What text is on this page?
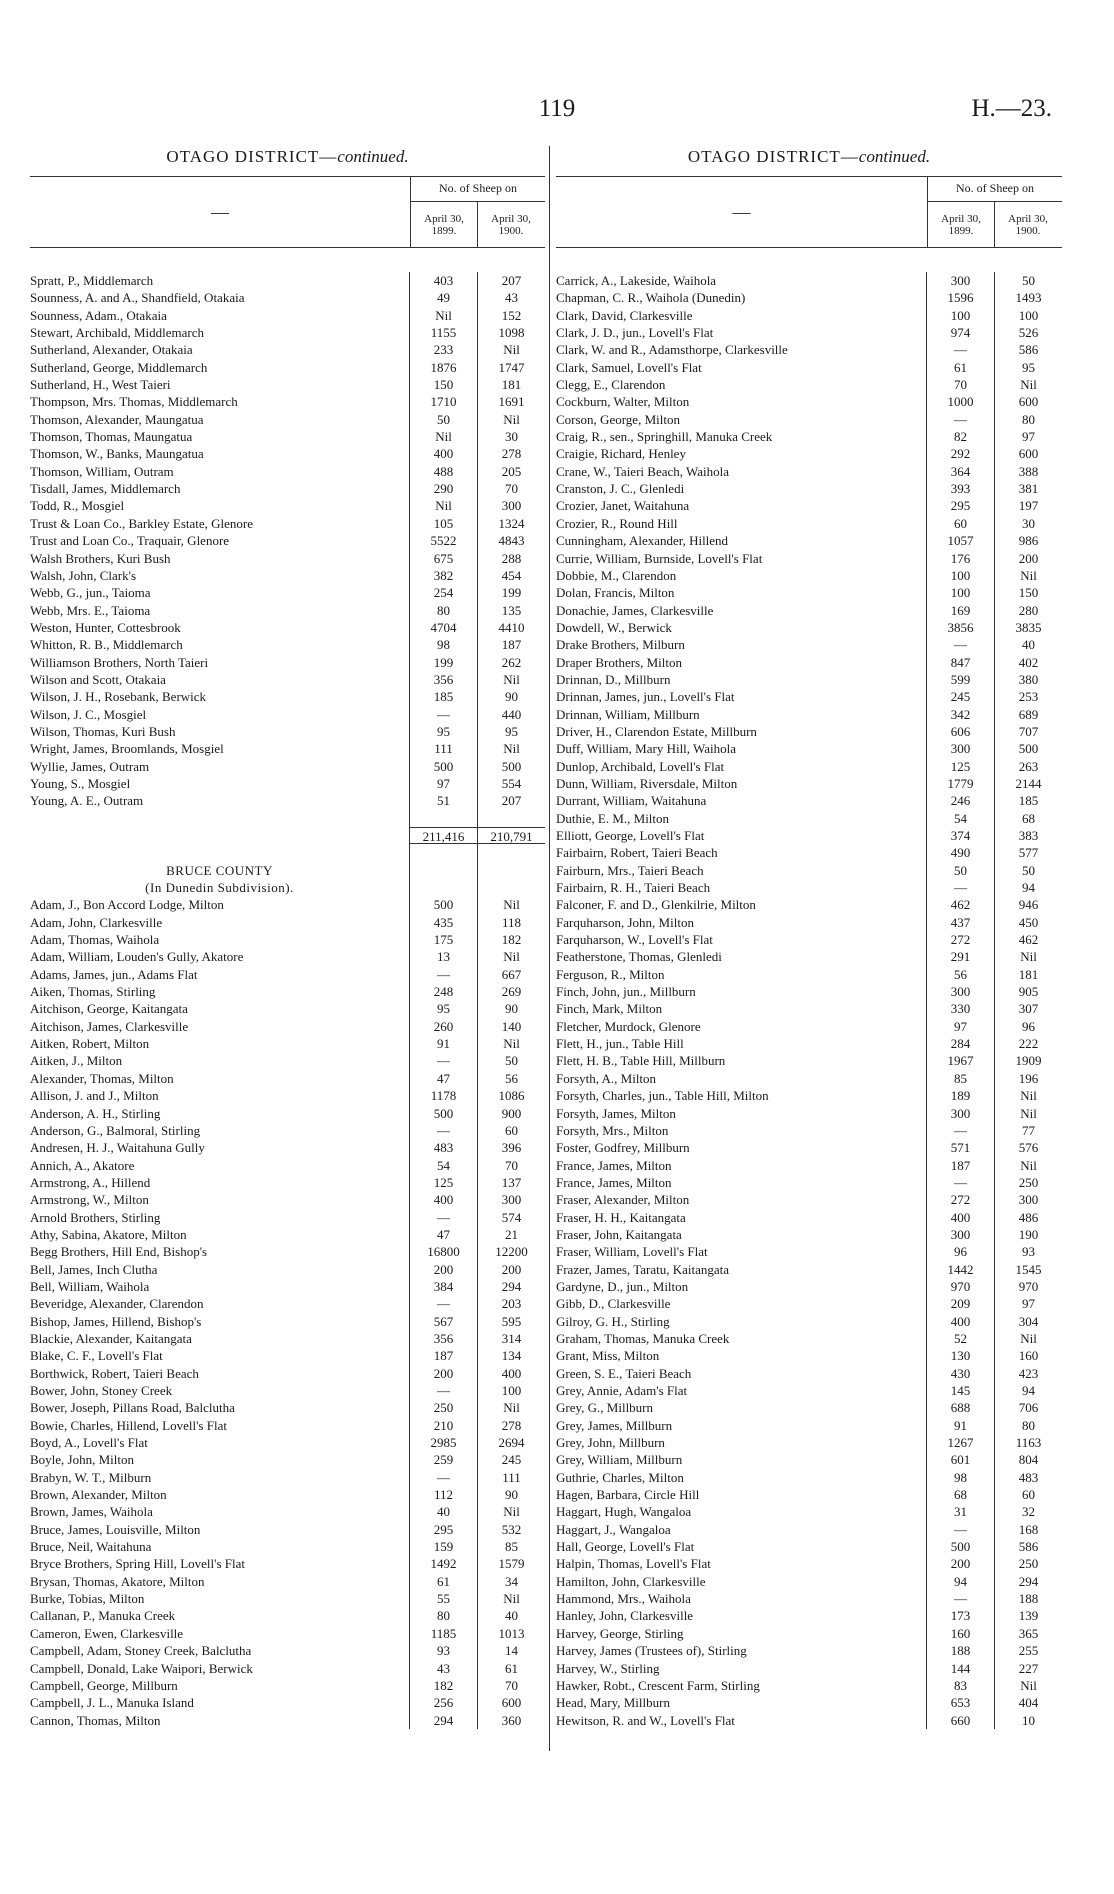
119	H.—23.
OTAGO DISTRICT—continued.
—
No. of Sheep on
April 30, 1899.
April 30, 1900.
Spratt, P., Middlemarch	403	207
Sounness, A. and A., Shandfield, Otakaia	49	43
Sounness, Adam., Otakaia	Nil	152
Stewart, Archibald, Middlemarch	1155	1098
Sutherland, Alexander, Otakaia	233	Nil
Sutherland, George, Middlemarch	1876	1747
Sutherland, H., West Taieri	150	181
Thompson, Mrs. Thomas, Middlemarch	1710	1691
Thomson, Alexander, Maungatua	50	Nil
Thomson, Thomas, Maungatua	Nil	30
Thomson, W., Banks, Maungatua	400	278
Thomson, William, Outram	488	205
Tisdall, James, Middlemarch	290	70
Todd, R., Mosgiel	Nil	300
Trust & Loan Co., Barkley Estate, Glenore	105	1324
Trust and Loan Co., Traquair, Glenore	5522	4843
Walsh Brothers, Kuri Bush	675	288
Walsh, John, Clark's	382	454
Webb, G., jun., Taioma	254	199
Webb, Mrs. E., Taioma	80	135
Weston, Hunter, Cottesbrook	4704	4410
Whitton, R. B., Middlemarch	98	187
Williamson Brothers, North Taieri	199	262
Wilson and Scott, Otakaia	356	Nil
Wilson, J. H., Rosebank, Berwick	185	90
Wilson, J. C., Mosgiel	—	440
Wilson, Thomas, Kuri Bush	95	95
Wright, James, Broomlands, Mosgiel	111	Nil
Wyllie, James, Outram	500	500
Young, S., Mosgiel	97	554
Young, A. E., Outram	51	207
211,416	210,791
BRUCE COUNTY
(In Dunedin Subdivision).
Adam, J., Bon Accord Lodge, Milton	500	Nil
Adam, John, Clarkesville	435	118
Adam, Thomas, Waihola	175	182
Adam, William, Louden's Gully, Akatore	13	Nil
Adams, James, jun., Adams Flat	—	667
Aiken, Thomas, Stirling	248	269
Aitchison, George, Kaitangata	95	90
Aitchison, James, Clarkesville	260	140
Aitken, Robert, Milton	91	Nil
Aitken, J., Milton	—	50
Alexander, Thomas, Milton	47	56
Allison, J. and J., Milton	1178	1086
Anderson, A. H., Stirling	500	900
Anderson, G., Balmoral, Stirling	—	60
Andresen, H. J., Waitahuna Gully	483	396
Annich, A., Akatore	54	70
Armstrong, A., Hillend	125	137
Armstrong, W., Milton	400	300
Arnold Brothers, Stirling	—	574
Athy, Sabina, Akatore, Milton	47	21
Begg Brothers, Hill End, Bishop's	16800	12200
Bell, James, Inch Clutha	200	200
Bell, William, Waihola	384	294
Beveridge, Alexander, Clarendon	—	203
Bishop, James, Hillend, Bishop's	567	595
Blackie, Alexander, Kaitangata	356	314
Blake, C. F., Lovell's Flat	187	134
Borthwick, Robert, Taieri Beach	200	400
Bower, John, Stoney Creek	—	100
Bower, Joseph, Pillans Road, Balclutha	250	Nil
Bowie, Charles, Hillend, Lovell's Flat	210	278
Boyd, A., Lovell's Flat	2985	2694
Boyle, John, Milton	259	245
Brabyn, W. T., Milburn	—	111
Brown, Alexander, Milton	112	90
Brown, James, Waihola	40	Nil
Bruce, James, Louisville, Milton	295	532
Bruce, Neil, Waitahuna	159	85
Bryce Brothers, Spring Hill, Lovell's Flat	1492	1579
Brysan, Thomas, Akatore, Milton	61	34
Burke, Tobias, Milton	55	Nil
Callanan, P., Manuka Creek	80	40
Cameron, Ewen, Clarkesville	1185	1013
Campbell, Adam, Stoney Creek, Balclutha	93	14
Campbell, Donald, Lake Waipori, Berwick	43	61
Campbell, George, Millburn	182	70
Campbell, J. L., Manuka Island	256	600
Cannon, Thomas, Milton	294	360
OTAGO DISTRICT—continued.
—
No. of Sheep on
April 30, 1899.
April 30, 1900.
Carrick, A., Lakeside, Waihola	300	50
Chapman, C. R., Waihola (Dunedin)	1596	1493
Clark, David, Clarkesville	100	100
Clark, J. D., jun., Lovell's Flat	974	526
Clark, W. and R., Adamsthorpe, Clarkesville	—	586
Clark, Samuel, Lovell's Flat	61	95
Clegg, E., Clarendon	70	Nil
Cockburn, Walter, Milton	1000	600
Corson, George, Milton	—	80
Craig, R., sen., Springhill, Manuka Creek	82	97
Craigie, Richard, Henley	292	600
Crane, W., Taieri Beach, Waihola	364	388
Cranston, J. C., Glenledi	393	381
Crozier, Janet, Waitahuna	295	197
Crozier, R., Round Hill	60	30
Cunningham, Alexander, Hillend	1057	986
Currie, William, Burnside, Lovell's Flat	176	200
Dobbie, M., Clarendon	100	Nil
Dolan, Francis, Milton	100	150
Donachie, James, Clarkesville	169	280
Dowdell, W., Berwick	3856	3835
Drake Brothers, Milburn	—	40
Draper Brothers, Milton	847	402
Drinnan, D., Millburn	599	380
Drinnan, James, jun., Lovell's Flat	245	253
Drinnan, William, Millburn	342	689
Driver, H., Clarendon Estate, Millburn	606	707
Duff, William, Mary Hill, Waihola	300	500
Dunlop, Archibald, Lovell's Flat	125	263
Dunn, William, Riversdale, Milton	1779	2144
Durrant, William, Waitahuna	246	185
Duthie, E. M., Milton	54	68
Elliott, George, Lovell's Flat	374	383
Fairbairn, Robert, Taieri Beach	490	577
Fairburn, Mrs., Taieri Beach	50	50
Fairbairn, R. H., Taieri Beach	—	94
Falconer, F. and D., Glenkilrie, Milton	462	946
Farquharson, John, Milton	437	450
Farquharson, W., Lovell's Flat	272	462
Featherstone, Thomas, Glenledi	291	Nil
Ferguson, R., Milton	56	181
Finch, John, jun., Millburn	300	905
Finch, Mark, Milton	330	307
Fletcher, Murdock, Glenore	97	96
Flett, H., jun., Table Hill	284	222
Flett, H. B., Table Hill, Millburn	1967	1909
Forsyth, A., Milton	85	196
Forsyth, Charles, jun., Table Hill, Milton	189	Nil
Forsyth, James, Milton	300	Nil
Forsyth, Mrs., Milton	—	77
Foster, Godfrey, Millburn	571	576
France, James, Milton	187	Nil
France, James, Milton	—	250
Fraser, Alexander, Milton	272	300
Fraser, H. H., Kaitangata	400	486
Fraser, John, Kaitangata	300	190
Fraser, William, Lovell's Flat	96	93
Frazer, James, Taratu, Kaitangata	1442	1545
Gardyne, D., jun., Milton	970	970
Gibb, D., Clarkesville	209	97
Gilroy, G. H., Stirling	400	304
Graham, Thomas, Manuka Creek	52	Nil
Grant, Miss, Milton	130	160
Green, S. E., Taieri Beach	430	423
Grey, Annie, Adam's Flat	145	94
Grey, G., Millburn	688	706
Grey, James, Millburn	91	80
Grey, John, Millburn	1267	1163
Grey, William, Millburn	601	804
Guthrie, Charles, Milton	98	483
Hagen, Barbara, Circle Hill	68	60
Haggart, Hugh, Wangaloa	31	32
Haggart, J., Wangaloa	—	168
Hall, George, Lovell's Flat	500	586
Halpin, Thomas, Lovell's Flat	200	250
Hamilton, John, Clarkesville	94	294
Hammond, Mrs., Waihola	—	188
Hanley, John, Clarkesville	173	139
Harvey, George, Stirling	160	365
Harvey, James (Trustees of), Stirling	188	255
Harvey, W., Stirling	144	227
Hawker, Robt., Crescent Farm, Stirling	83	Nil
Head, Mary, Millburn	653	404
Hewitson, R. and W., Lovell's Flat	660	10
